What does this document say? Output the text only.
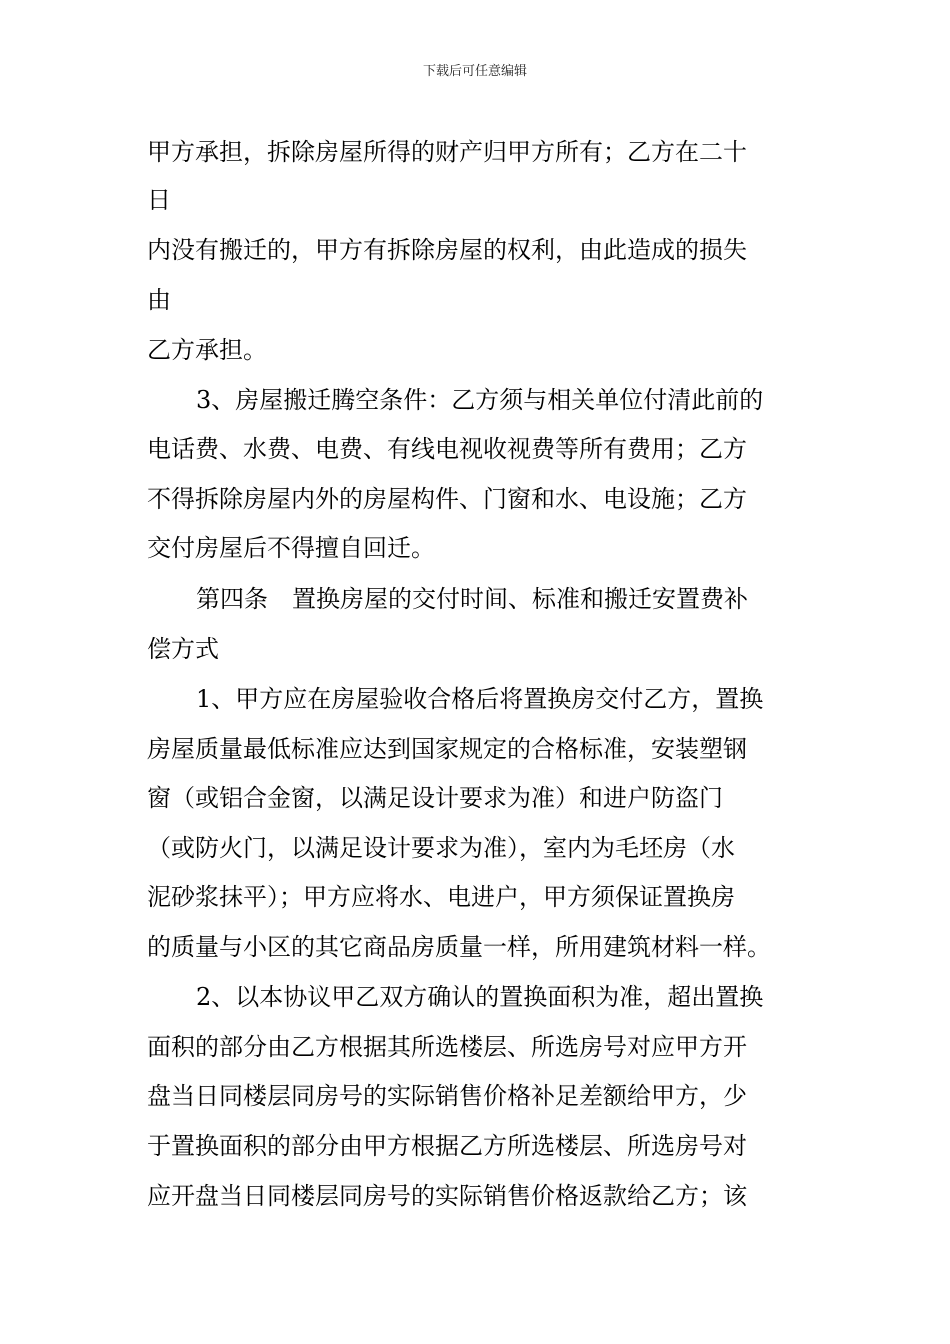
下载后可任意编辑
甲方承担，拆除房屋所得的财产归甲方所有；乙方在二十
日
内没有搬迁的，甲方有拆除房屋的权利，由此造成的损失
由
乙方承担。
3、房屋搬迁腾空条件：乙方须与相关单位付清此前的
电话费、水费、电费、有线电视收视费等所有费用；乙方
不得拆除房屋内外的房屋构件、门窗和水、电设施；乙方
交付房屋后不得擅自回迁。
第四条　置换房屋的交付时间、标准和搬迁安置费补
偿方式
1、甲方应在房屋验收合格后将置换房交付乙方，置换
房屋质量最低标准应达到国家规定的合格标准，安装塑钢
窗（或铝合金窗，以满足设计要求为准）和进户防盗门
（或防火门，以满足设计要求为准），室内为毛坯房（水
泥砂浆抹平）；甲方应将水、电进户，甲方须保证置换房
的质量与小区的其它商品房质量一样，所用建筑材料一样。
2、以本协议甲乙双方确认的置换面积为准，超出置换
面积的部分由乙方根据其所选楼层、所选房号对应甲方开
盘当日同楼层同房号的实际销售价格补足差额给甲方，少
于置换面积的部分由甲方根据乙方所选楼层、所选房号对
应开盘当日同楼层同房号的实际销售价格返款给乙方；该
